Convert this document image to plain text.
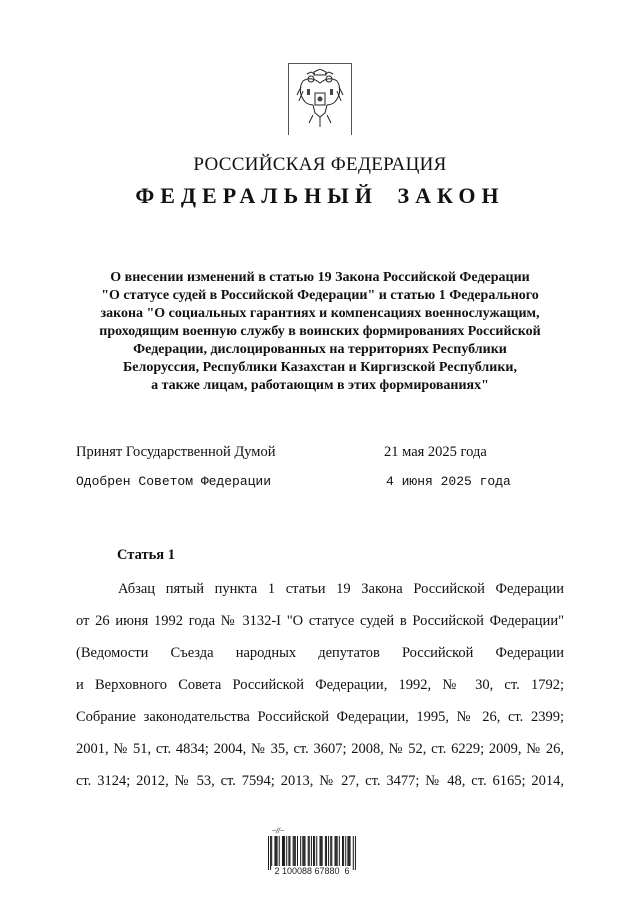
РОССИЙСКАЯ ФЕДЕРАЦИЯ
ФЕДЕРАЛЬНЫЙ ЗАКОН
О внесении изменений в статью 19 Закона Российской Федерации
"О статусе судей в Российской Федерации" и статью 1 Федерального
закона "О социальных гарантиях и компенсациях военнослужащим,
проходящим военную службу в воинских формированиях Российской
Федерации, дислоцированных на территориях Республики
Белоруссия, Республики Казахстан и Киргизской Республики,
а также лицам, работающим в этих формированиях"
Принят Государственной Думой	21 мая 2025 года
Одобрен Советом Федерации	4 июня 2025 года
Статья 1
Абзац пятый пункта 1 статьи 19 Закона Российской Федерации
от 26 июня 1992 года № 3132-I "О статусе судей в Российской Федерации"
(Ведомости Съезда народных депутатов Российской Федерации
и Верховного Совета Российской Федерации, 1992, № 30, ст. 1792;
Собрание законодательства Российской Федерации, 1995, № 26, ст. 2399;
2001, № 51, ст. 4834; 2004, № 35, ст. 3607; 2008, № 52, ст. 6229; 2009, № 26,
ст. 3124; 2012, № 53, ст. 7594; 2013, № 27, ст. 3477; № 48, ст. 6165; 2014,
~//~
2 100088 67880  6
